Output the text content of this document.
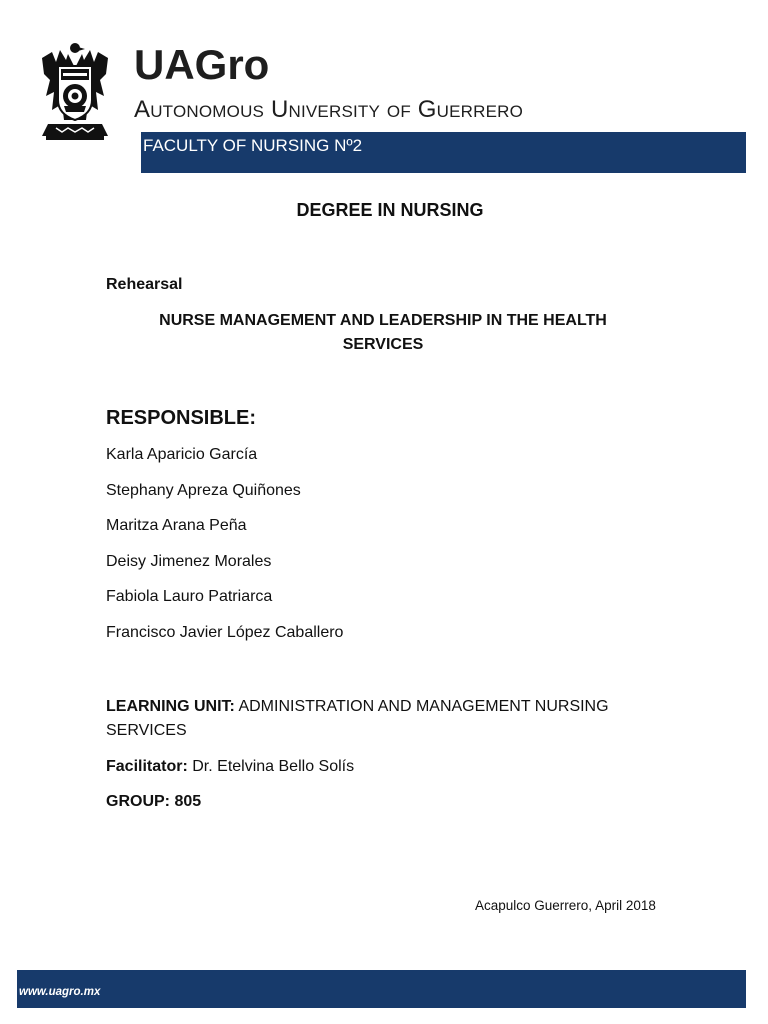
UAGro
Autonomous University of Guerrero
FACULTY OF NURSING Nº2
DEGREE IN NURSING
Rehearsal
NURSE MANAGEMENT AND LEADERSHIP IN THE HEALTH SERVICES
RESPONSIBLE:
Karla Aparicio García
Stephany Apreza Quiñones
Maritza Arana Peña
Deisy Jimenez Morales
Fabiola Lauro Patriarca
Francisco Javier López Caballero
LEARNING UNIT: ADMINISTRATION AND MANAGEMENT NURSING SERVICES
Facilitator: Dr. Etelvina Bello Solís
GROUP: 805
Acapulco Guerrero, April 2018
www.uagro.mx
